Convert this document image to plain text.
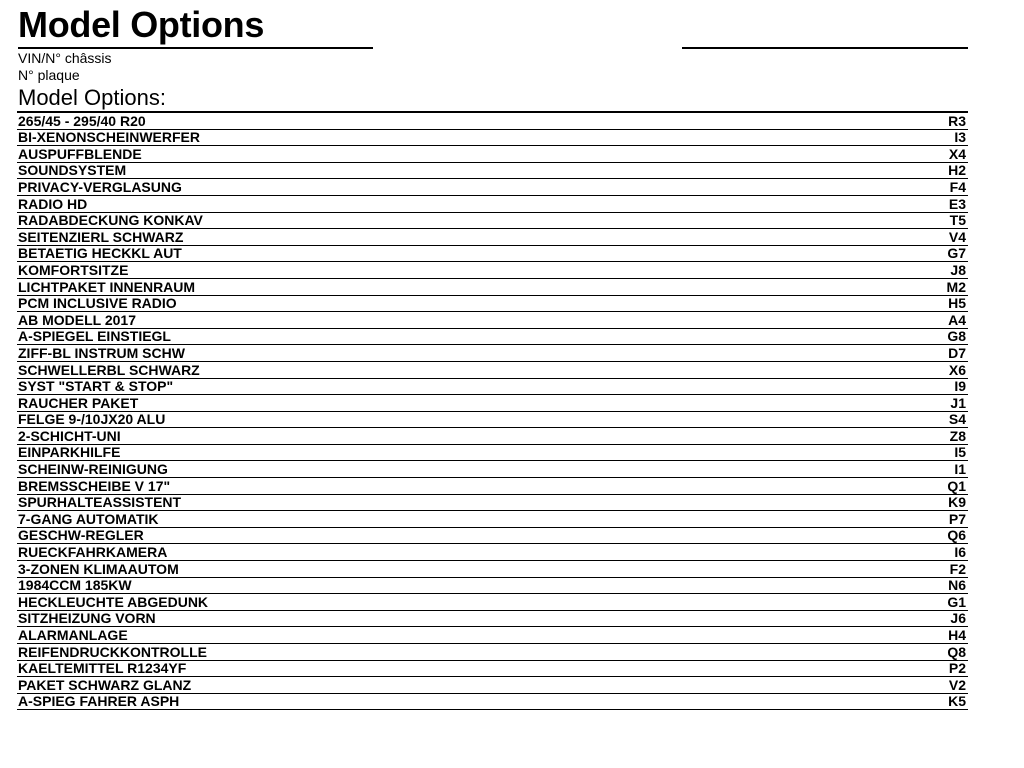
Model Options
VIN/N° châssis
N° plaque
Model Options:
265/45 - 295/40 R20	R3
BI-XENONSCHEINWERFER	I3
AUSPUFFBLENDE	X4
SOUNDSYSTEM	H2
PRIVACY-VERGLASUNG	F4
RADIO HD	E3
RADABDECKUNG KONKAV	T5
SEITENZIERL SCHWARZ	V4
BETAETIG HECKKL AUT	G7
KOMFORTSITZE	J8
LICHTPAKET INNENRAUM	M2
PCM INCLUSIVE RADIO	H5
AB MODELL 2017	A4
A-SPIEGEL EINSTIEGL	G8
ZIFF-BL INSTRUM SCHW	D7
SCHWELLERBL SCHWARZ	X6
SYST "START & STOP"	I9
RAUCHER PAKET	J1
FELGE 9-/10JX20 ALU	S4
2-SCHICHT-UNI	Z8
EINPARKHILFE	I5
SCHEINW-REINIGUNG	I1
BREMSSCHEIBE V 17"	Q1
SPURHALTEASSISTENT	K9
7-GANG AUTOMATIK	P7
GESCHW-REGLER	Q6
RUECKFAHRKAMERA	I6
3-ZONEN KLIMAAUTOM	F2
1984CCM 185KW	N6
HECKLEUCHTE ABGEDUNK	G1
SITZHEIZUNG VORN	J6
ALARMANLAGE	H4
REIFENDRUCKKONTROLLE	Q8
KAELTEMITTEL R1234YF	P2
PAKET SCHWARZ GLANZ	V2
A-SPIEG FAHRER ASPH	K5
